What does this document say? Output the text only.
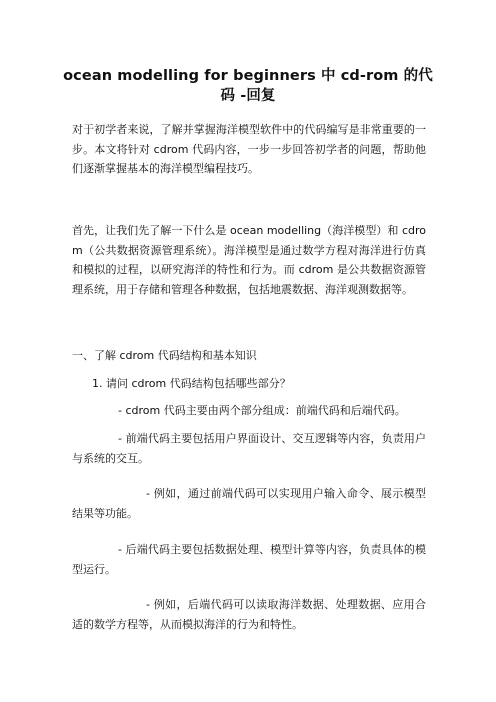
ocean modelling for beginners 中 cd-rom 的代码 -回复
对于初学者来说，了解并掌握海洋模型软件中的代码编写是非常重要的一步。本文将针对 cdrom 代码内容，一步一步回答初学者的问题，帮助他们逐渐掌握基本的海洋模型编程技巧。
首先，让我们先了解一下什么是 ocean modelling（海洋模型）和 cdrom（公共数据资源管理系统）。海洋模型是通过数学方程对海洋进行仿真和模拟的过程，以研究海洋的特性和行为。而 cdrom 是公共数据资源管理系统，用于存储和管理各种数据，包括地震数据、海洋观测数据等。
一、了解 cdrom 代码结构和基本知识
1. 请问 cdrom 代码结构包括哪些部分？
- cdrom 代码主要由两个部分组成：前端代码和后端代码。
- 前端代码主要包括用户界面设计、交互逻辑等内容，负责用户与系统的交互。
- 例如，通过前端代码可以实现用户输入命令、展示模型结果等功能。
- 后端代码主要包括数据处理、模型计算等内容，负责具体的模型运行。
- 例如，后端代码可以读取海洋数据、处理数据、应用合适的数学方程等，从而模拟海洋的行为和特性。
